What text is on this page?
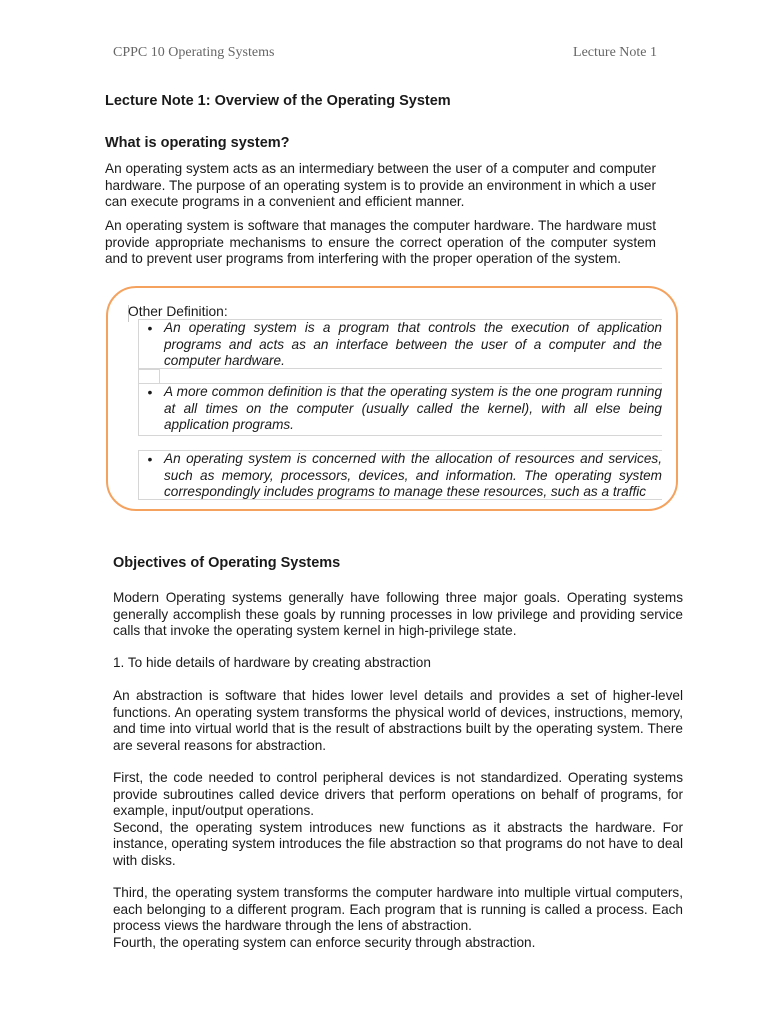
CPPC 10 Operating Systems	Lecture Note 1
Lecture Note 1: Overview of the Operating System
What is operating system?

An operating system acts as an intermediary between the user of a computer and computer hardware. The purpose of an operating system is to provide an environment in which a user can execute programs in a convenient and efficient manner.

An operating system is software that manages the computer hardware. The hardware must provide appropriate mechanisms to ensure the correct operation of the computer system and to prevent user programs from interfering with the proper operation of the system.

Other Definition:
• An operating system is a program that controls the execution of application programs and acts as an interface between the user of a computer and the computer hardware.
• A more common definition is that the operating system is the one program running at all times on the computer (usually called the kernel), with all else being application programs.
• An operating system is concerned with the allocation of resources and services, such as memory, processors, devices, and information. The operating system correspondingly includes programs to manage these resources, such as a traffic
Objectives of Operating Systems

Modern Operating systems generally have following three major goals. Operating systems generally accomplish these goals by running processes in low privilege and providing service calls that invoke the operating system kernel in high-privilege state.

1. To hide details of hardware by creating abstraction

An abstraction is software that hides lower level details and provides a set of higher-level functions. An operating system transforms the physical world of devices, instructions, memory, and time into virtual world that is the result of abstractions built by the operating system. There are several reasons for abstraction.

First, the code needed to control peripheral devices is not standardized. Operating systems provide subroutines called device drivers that perform operations on behalf of programs, for example, input/output operations.
Second, the operating system introduces new functions as it abstracts the hardware. For instance, operating system introduces the file abstraction so that programs do not have to deal with disks.
Third, the operating system transforms the computer hardware into multiple virtual computers, each belonging to a different program. Each program that is running is called a process. Each process views the hardware through the lens of abstraction.
Fourth, the operating system can enforce security through abstraction.
